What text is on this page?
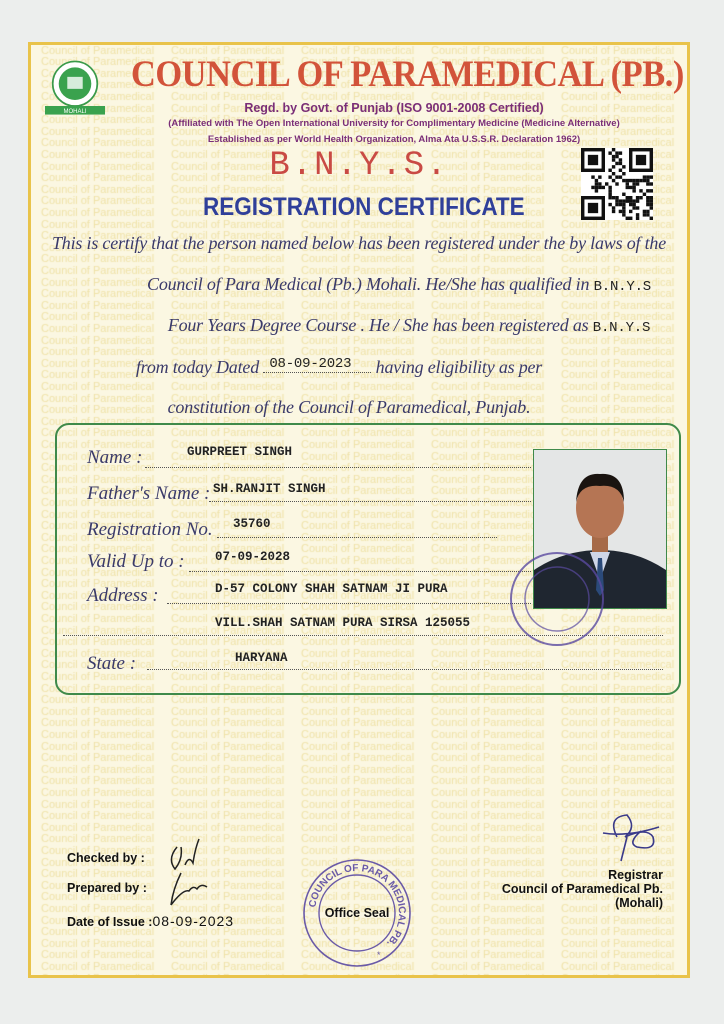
MOHALI
COUNCIL OF PARAMEDICAL (PB.)
Regd. by Govt. of Punjab (ISO 9001-2008 Certified)
(Affiliated with The Open International University for Complimentary Medicine (Medicine Alternative)
Established as per World Health Organization, Alma Ata U.S.S.R. Declaration 1962)
B.N.Y.S.
REGISTRATION CERTIFICATE
This is certify that the person named below has been registered under the by laws of the
Council of Para Medical (Pb.) Mohali. He/She has qualified in B.N.Y.S
Four Years Degree Course . He / She has been registered as B.N.Y.S
from today Dated $^{08-09-2023}$ having eligibility as per
constitution of the Council of Paramedical, Punjab.
Name :	GURPREET SINGH
Father's Name : SH.RANJIT SINGH
Registration No. 35760
Valid Up to : 07-09-2028
Address :	D-57 COLONY SHAH SATNAM JI PURA
VILL.SHAH SATNAM PURA SIRSA 125055
State :	HARYANA
Checked by :
Prepared by :
Date of Issue :08-09-2023
COUNCIL OF PARA MEDICAL PB.
*
Office Seal
Registrar
Council of Paramedical Pb.
(Mohali)
